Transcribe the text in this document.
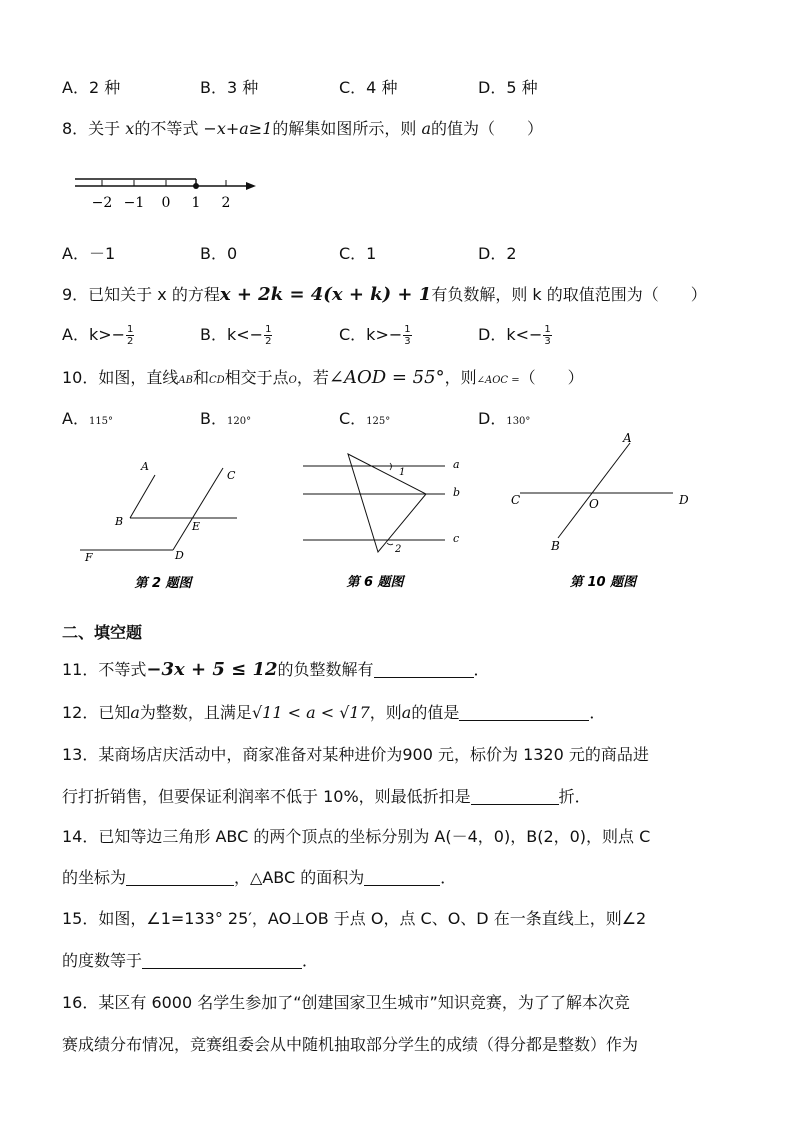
A．2 种	B．3 种	C．4 种	D．5 种
8．关于 x的不等式 −x+a≥1的解集如图所示，则 a的值为（　　）
−2 −1 0 1 2
A．－1	B．0	C．1	D．2
9．已知关于 x 的方程x + 2k = 4(x + k) + 1有负数解，则 k 的取值范围为（　　）
A．$k>- \frac{1}{2}$	B．$k<- \frac{1}{2}$	C．$k>- \frac{1}{3}$	D．$k<- \frac{1}{3}$
10．如图，直线AB和CD相交于点O，若∠AOD = 55°，则∠AOC =（　　）
A．115°	B．120°	C．125°	D．130°
A
C
B	E
F	D
第 2 题图
a
1
b
c
2
第 6 题图
A
C	O	D
B
第 10 题图
二、填空题
11．不等式−3x + 5 ≤ 12的负整数解有	．
12．已知a为整数，且满足√11 < a < √17，则a的值是	．
13．某商场店庆活动中，商家准备对某种进价为900 元，标价为 1320 元的商品进
行打折销售，但要保证利润率不低于 10%，则最低折扣是	折．
14．已知等边三角形 ABC 的两个顶点的坐标分别为 A(－4，0)，B(2，0)，则点 C
的坐标为	，△ABC 的面积为	．
15．如图，∠1=133° 25′，AO⊥OB 于点 O，点 C、O、D 在一条直线上，则∠2
的度数等于	．
16．某区有 6000 名学生参加了“创建国家卫生城市”知识竞赛，为了了解本次竞
赛成绩分布情况，竞赛组委会从中随机抽取部分学生的成绩（得分都是整数）作为
